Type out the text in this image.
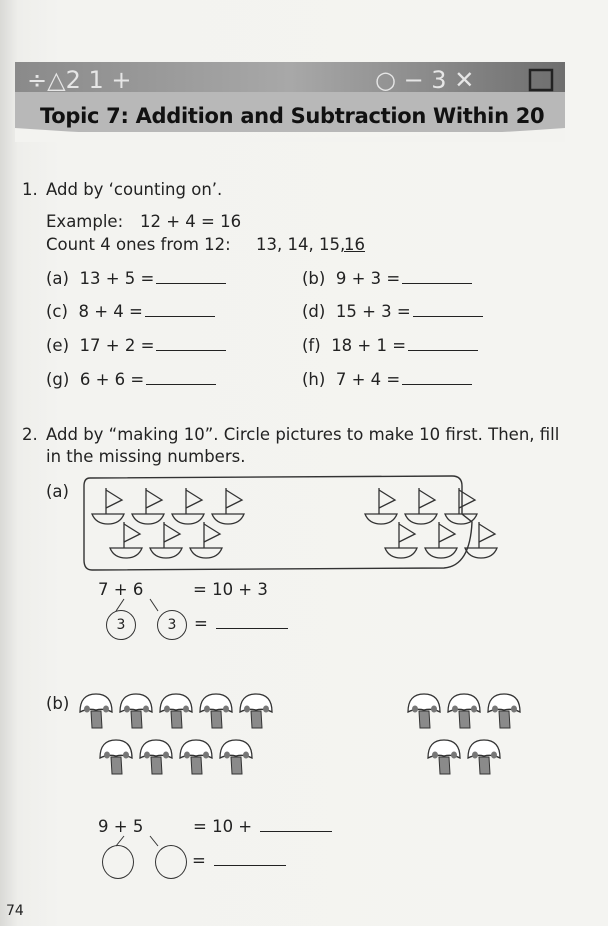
÷△2 1 +	○ − 3 ✕
Topic 7: Addition and Subtraction Within 20
1. Add by ‘counting on’.
Example: 12 + 4 = 16
Count 4 ones from 12: 13, 14, 15,
16
(a) 13 + 5 =	(b) 9 + 3 =
(c) 8 + 4 =	(d) 15 + 3 =
(e) 17 + 2 =	(f) 18 + 1 =
(g) 6 + 6 =	(h) 7 + 4 =
2. Add by “making 10”. Circle pictures to make 10 first. Then, fill
in the missing numbers.
(a)
7 + 6	= 10 + 3
3	3	=
(b)
9 + 5	= 10 +
=
74
